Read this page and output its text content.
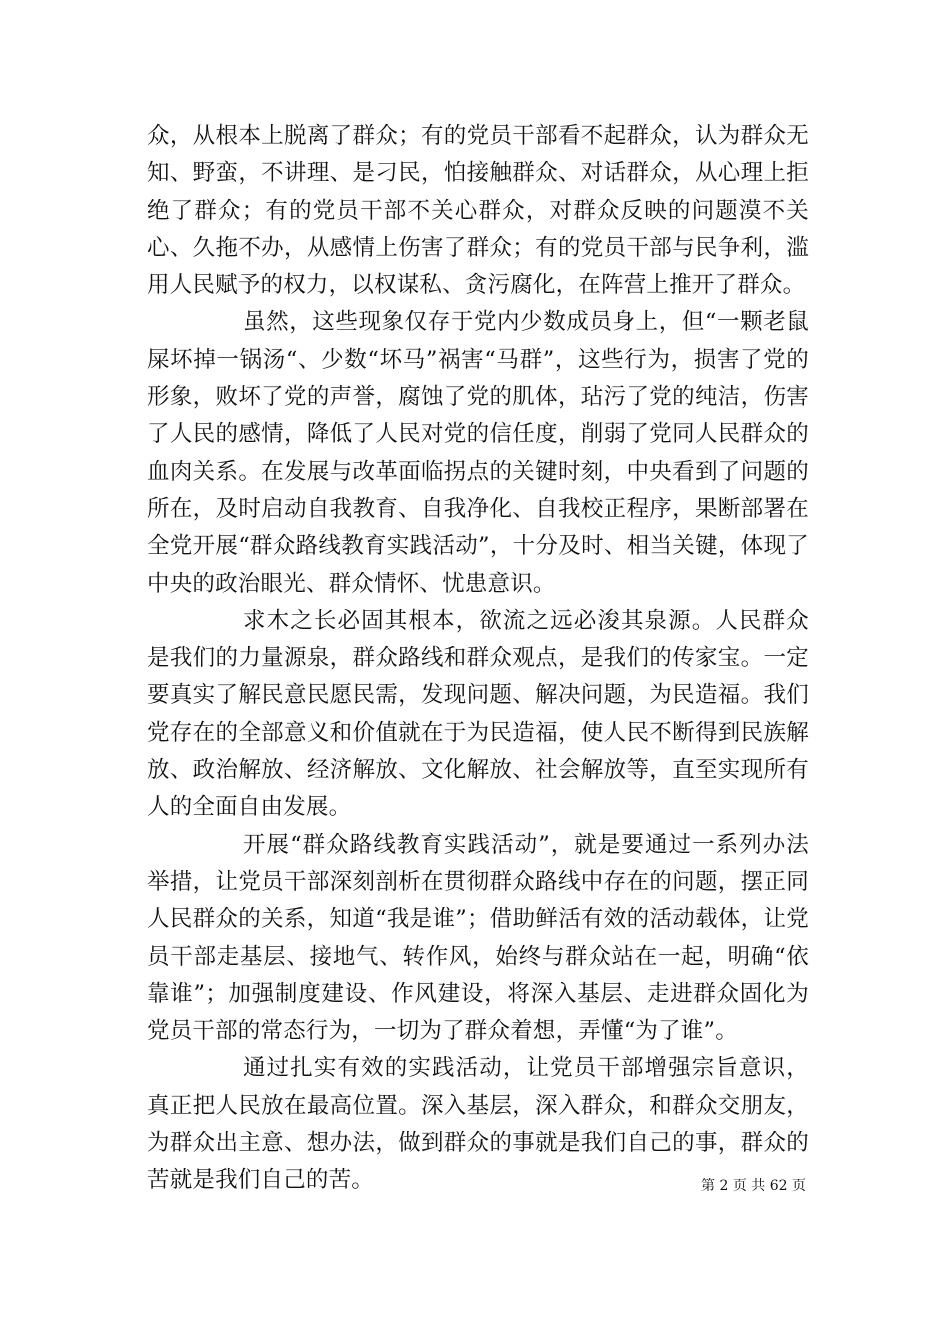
众，从根本上脱离了群众；有的党员干部看不起群众，认为群众无知、野蛮，不讲理、是刁民，怕接触群众、对话群众，从心理上拒绝了群众；有的党员干部不关心群众，对群众反映的问题漠不关心、久拖不办，从感情上伤害了群众；有的党员干部与民争利，滥用人民赋予的权力，以权谋私、贪污腐化，在阵营上推开了群众。

虽然，这些现象仅存于党内少数成员身上，但“一颗老鼠屎坏掉一锅汤“、少数“坏马”祸害“马群”，这些行为，损害了党的形象，败坏了党的声誉，腐蚀了党的肌体，玷污了党的纯洁，伤害了人民的感情，降低了人民对党的信任度，削弱了党同人民群众的血肉关系。在发展与改革面临拐点的关键时刻，中央看到了问题的所在，及时启动自我教育、自我净化、自我校正程序，果断部署在全党开展“群众路线教育实践活动”，十分及时、相当关键，体现了中央的政治眼光、群众情怀、忧患意识。

求木之长必固其根本，欲流之远必浚其泉源。人民群众是我们的力量源泉，群众路线和群众观点，是我们的传家宝。一定要真实了解民意民愿民需，发现问题、解决问题，为民造福。我们党存在的全部意义和价值就在于为民造福，使人民不断得到民族解放、政治解放、经济解放、文化解放、社会解放等，直至实现所有人的全面自由发展。

开展“群众路线教育实践活动”，就是要通过一系列办法举措，让党员干部深刻剖析在贯彻群众路线中存在的问题，摆正同人民群众的关系，知道“我是谁”；借助鲜活有效的活动载体，让党员干部走基层、接地气、转作风，始终与群众站在一起，明确“依靠谁”；加强制度建设、作风建设，将深入基层、走进群众固化为党员干部的常态行为，一切为了群众着想，弄懂“为了谁”。

通过扎实有效的实践活动，让党员干部增强宗旨意识，真正把人民放在最高位置。深入基层，深入群众，和群众交朋友，为群众出主意、想办法，做到群众的事就是我们自己的事，群众的苦就是我们自己的苦。	第 2 页 共 62 页
